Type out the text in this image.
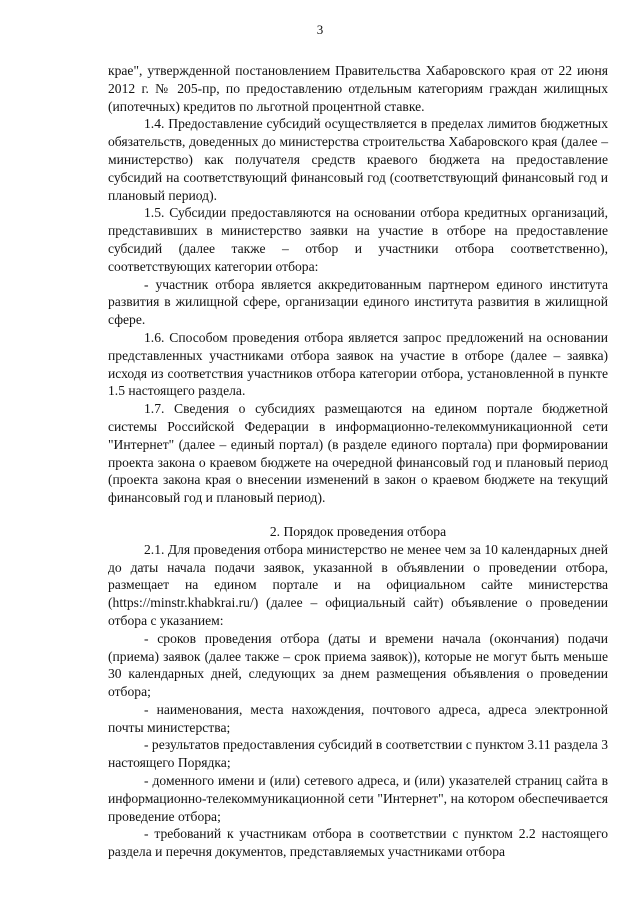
3

крае", утвержденной постановлением Правительства Хабаровского края от 22 июня 2012 г. № 205-пр, по предоставлению отдельным категориям граждан жилищных (ипотечных) кредитов по льготной процентной ставке.

1.4. Предоставление субсидий осуществляется в пределах лимитов бюджетных обязательств, доведенных до министерства строительства Хабаровского края (далее – министерство) как получателя средств краевого бюджета на предоставление субсидий на соответствующий финансовый год (соответствующий финансовый год и плановый период).

1.5. Субсидии предоставляются на основании отбора кредитных организаций, представивших в министерство заявки на участие в отборе на предоставление субсидий (далее также – отбор и участники отбора соответственно), соответствующих категории отбора:

- участник отбора является аккредитованным партнером единого института развития в жилищной сфере, организации единого института развития в жилищной сфере.

1.6. Способом проведения отбора является запрос предложений на основании представленных участниками отбора заявок на участие в отборе (далее – заявка) исходя из соответствия участников отбора категории отбора, установленной в пункте 1.5 настоящего раздела.

1.7. Сведения о субсидиях размещаются на едином портале бюджетной системы Российской Федерации в информационно-телекоммуникационной сети "Интернет" (далее – единый портал) (в разделе единого портала) при формировании проекта закона о краевом бюджете на очередной финансовый год и плановый период (проекта закона края о внесении изменений в закон о краевом бюджете на текущий финансовый год и плановый период).

2. Порядок проведения отбора

2.1. Для проведения отбора министерство не менее чем за 10 календарных дней до даты начала подачи заявок, указанной в объявлении о проведении отбора, размещает на едином портале и на официальном сайте министерства (https://minstr.khabkrai.ru/) (далее – официальный сайт) объявление о проведении отбора с указанием:

- сроков проведения отбора (даты и времени начала (окончания) подачи (приема) заявок (далее также – срок приема заявок)), которые не могут быть меньше 30 календарных дней, следующих за днем размещения объявления о проведении отбора;

- наименования, места нахождения, почтового адреса, адреса электронной почты министерства;

- результатов предоставления субсидий в соответствии с пунктом 3.11 раздела 3 настоящего Порядка;

- доменного имени и (или) сетевого адреса, и (или) указателей страниц сайта в информационно-телекоммуникационной сети "Интернет", на котором обеспечивается проведение отбора;

- требований к участникам отбора в соответствии с пунктом 2.2 настоящего раздела и перечня документов, представляемых участниками отбора
